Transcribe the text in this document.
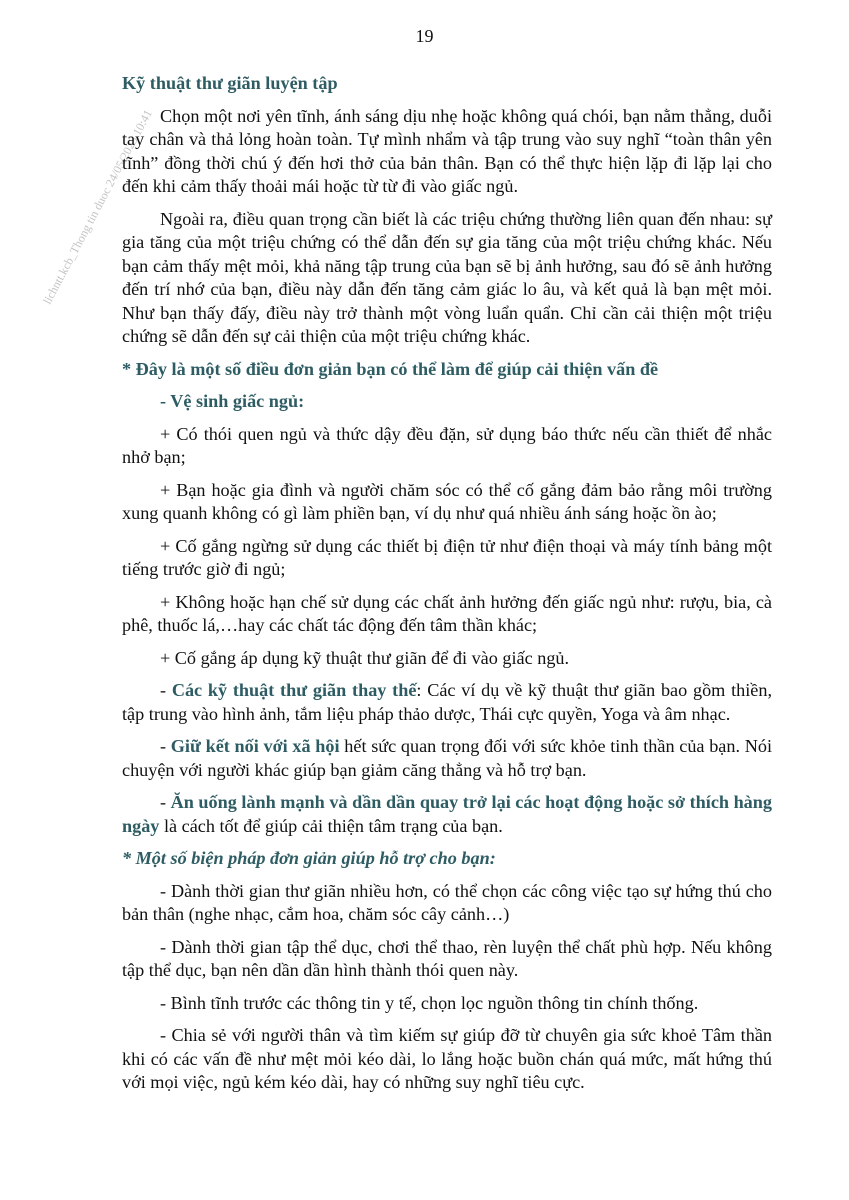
19
lichntt.kcb_Thong tin duoc 24/05/2023 10:41

Kỹ thuật thư giãn luyện tập

Chọn một nơi yên tĩnh, ánh sáng dịu nhẹ hoặc không quá chói, bạn nằm thẳng, duỗi tay chân và thả lỏng hoàn toàn. Tự mình nhẩm và tập trung vào suy nghĩ “toàn thân yên tĩnh” đồng thời chú ý đến hơi thở của bản thân. Bạn có thể thực hiện lặp đi lặp lại cho đến khi cảm thấy thoải mái hoặc từ từ đi vào giấc ngủ.

Ngoài ra, điều quan trọng cần biết là các triệu chứng thường liên quan đến nhau: sự gia tăng của một triệu chứng có thể dẫn đến sự gia tăng của một triệu chứng khác. Nếu bạn cảm thấy mệt mỏi, khả năng tập trung của bạn sẽ bị ảnh hưởng, sau đó sẽ ảnh hưởng đến trí nhớ của bạn, điều này dẫn đến tăng cảm giác lo âu, và kết quả là bạn mệt mỏi. Như bạn thấy đấy, điều này trở thành một vòng luẩn quẩn. Chỉ cần cải thiện một triệu chứng sẽ dẫn đến sự cải thiện của một triệu chứng khác.

* Đây là một số điều đơn giản bạn có thể làm để giúp cải thiện vấn đề

- Vệ sinh giấc ngủ:

+ Có thói quen ngủ và thức dậy đều đặn, sử dụng báo thức nếu cần thiết để nhắc nhở bạn;

+ Bạn hoặc gia đình và người chăm sóc có thể cố gắng đảm bảo rằng môi trường xung quanh không có gì làm phiền bạn, ví dụ như quá nhiều ánh sáng hoặc ồn ào;

+ Cố gắng ngừng sử dụng các thiết bị điện tử như điện thoại và máy tính bảng một tiếng trước giờ đi ngủ;

+ Không hoặc hạn chế sử dụng các chất ảnh hưởng đến giấc ngủ như: rượu, bia, cà phê, thuốc lá,…hay các chất tác động đến tâm thần khác;

+ Cố gắng áp dụng kỹ thuật thư giãn để đi vào giấc ngủ.

- Các kỹ thuật thư giãn thay thế: Các ví dụ về kỹ thuật thư giãn bao gồm thiền, tập trung vào hình ảnh, tắm liệu pháp thảo dược, Thái cực quyền, Yoga và âm nhạc.

- Giữ kết nối với xã hội hết sức quan trọng đối với sức khỏe tinh thần của bạn. Nói chuyện với người khác giúp bạn giảm căng thẳng và hỗ trợ bạn.

- Ăn uống lành mạnh và dần dần quay trở lại các hoạt động hoặc sở thích hàng ngày là cách tốt để giúp cải thiện tâm trạng của bạn.

* Một số biện pháp đơn giản giúp hỗ trợ cho bạn:

- Dành thời gian thư giãn nhiều hơn, có thể chọn các công việc tạo sự hứng thú cho bản thân (nghe nhạc, cắm hoa, chăm sóc cây cảnh…)

- Dành thời gian tập thể dục, chơi thể thao, rèn luyện thể chất phù hợp. Nếu không tập thể dục, bạn nên dần dần hình thành thói quen này.

- Bình tĩnh trước các thông tin y tế, chọn lọc nguồn thông tin chính thống.

- Chia sẻ với người thân và tìm kiếm sự giúp đỡ từ chuyên gia sức khoẻ Tâm thần khi có các vấn đề như mệt mỏi kéo dài, lo lắng hoặc buồn chán quá mức, mất hứng thú với mọi việc, ngủ kém kéo dài, hay có những suy nghĩ tiêu cực.
